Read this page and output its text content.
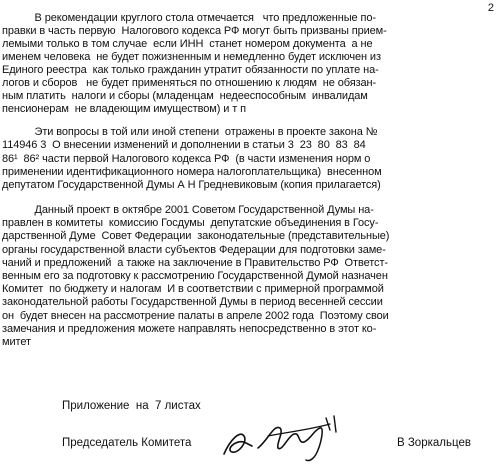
2
В рекомендации круглого стола отмечается   что предложенные по-
правки в часть первую  Налогового кодекса РФ могут быть призваны прием-
лемыми только в том случае  если ИНН  станет номером документа  а не
именем человека  не будет пожизненным и немедленно будет исключен из
Единого реестра  как только гражданин утратит обязанности по уплате на-
логов и сборов   не будет применяться по отношению к людям  не обязан-
ным платить  налоги и сборы (младенцам  недееспособным  инвалидам
пенсионерам  не владеющим имуществом) и т п
Эти вопросы в той или иной степени  отражены в проекте закона №
114946 3  О внесении изменений и дополнении в статьи 3  23  80  83  84
86¹  86² части первой Налогового кодекса РФ  (в части изменения норм о
применении идентификационного номера налогоплательщика)  внесенном
депутатом Государственной Думы А Н Гредневиковым (копия прилагается)
Данный проект в октябре 2001 Советом Государственной Думы на-
правлен в комитеты  комиссию Госдумы  депутатские объединения в Госу-
дарственной Думе  Совет Федерации  законодательные (представительные)
органы государственной власти субъектов Федерации для подготовки заме-
чаний и предложений  а также на заключение в Правительство РФ  Ответст-
венным его за подготовку к рассмотрению Государственной Думой назначен
Комитет  по бюджету и налогам  И в соответствии с примерной программой
законодательной работы Государственной Думы в период весенней сессии
он  будет внесен на рассмотрение палаты в апреле 2002 года  Поэтому свои
замечания и предложения можете направлять непосредственно в этот ко-
митет
Приложение  на  7 листах
Председатель Комитета	В Зоркальцев
